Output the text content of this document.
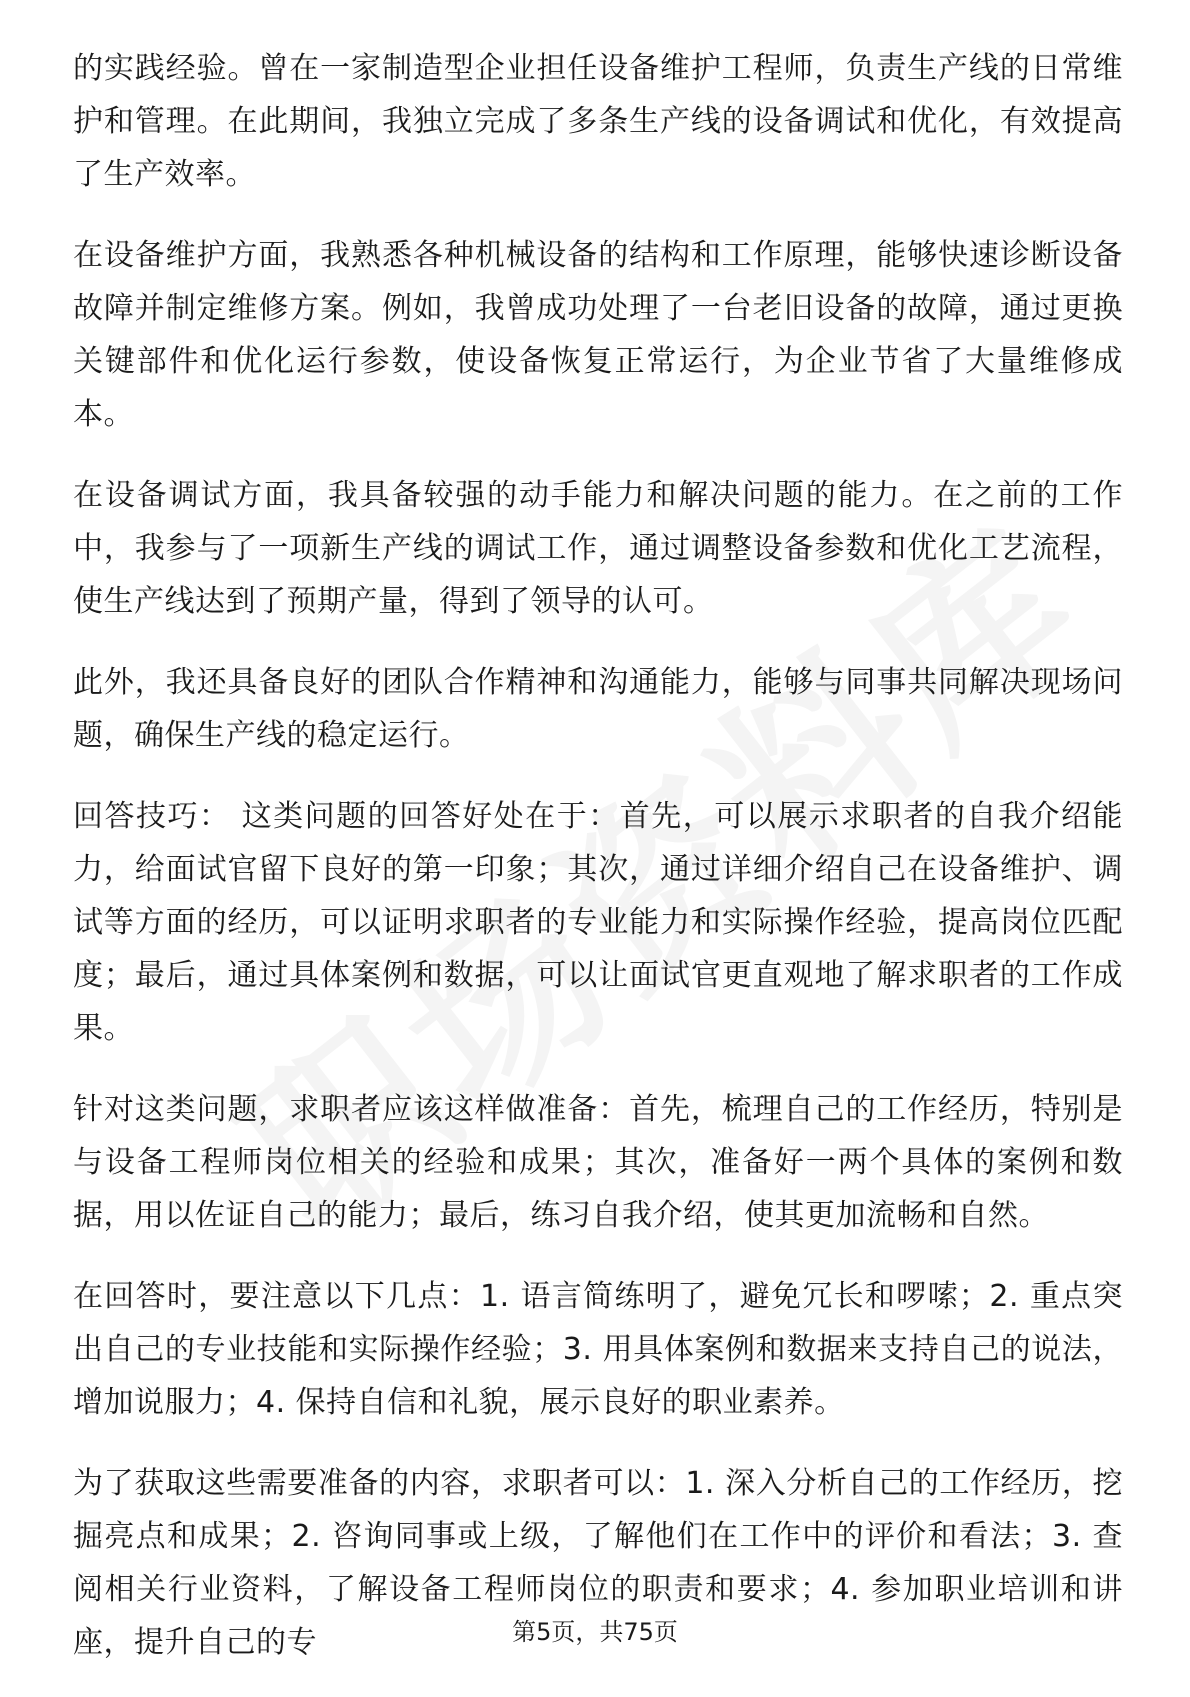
的实践经验。曾在一家制造型企业担任设备维护工程师，负责生产线的日常维护和管理。在此期间，我独立完成了多条生产线的设备调试和优化，有效提高了生产效率。

在设备维护方面，我熟悉各种机械设备的结构和工作原理，能够快速诊断设备故障并制定维修方案。例如，我曾成功处理了一台老旧设备的故障，通过更换关键部件和优化运行参数，使设备恢复正常运行，为企业节省了大量维修成本。

在设备调试方面，我具备较强的动手能力和解决问题的能力。在之前的工作中，我参与了一项新生产线的调试工作，通过调整设备参数和优化工艺流程，使生产线达到了预期产量，得到了领导的认可。

此外，我还具备良好的团队合作精神和沟通能力，能够与同事共同解决现场问题，确保生产线的稳定运行。

回答技巧： 这类问题的回答好处在于：首先，可以展示求职者的自我介绍能力，给面试官留下良好的第一印象；其次，通过详细介绍自己在设备维护、调试等方面的经历，可以证明求职者的专业能力和实际操作经验，提高岗位匹配度；最后，通过具体案例和数据，可以让面试官更直观地了解求职者的工作成果。

针对这类问题，求职者应该这样做准备：首先，梳理自己的工作经历，特别是与设备工程师岗位相关的经验和成果；其次，准备好一两个具体的案例和数据，用以佐证自己的能力；最后，练习自我介绍，使其更加流畅和自然。

在回答时，要注意以下几点：1. 语言简练明了，避免冗长和啰嗦；2. 重点突出自己的专业技能和实际操作经验；3. 用具体案例和数据来支持自己的说法，增加说服力；4. 保持自信和礼貌，展示良好的职业素养。

为了获取这些需要准备的内容，求职者可以：1. 深入分析自己的工作经历，挖掘亮点和成果；2. 咨询同事或上级，了解他们在工作中的评价和看法；3. 查阅相关行业资料，了解设备工程师岗位的职责和要求；4. 参加职业培训和讲座，提升自己的专	第5页，共75页
